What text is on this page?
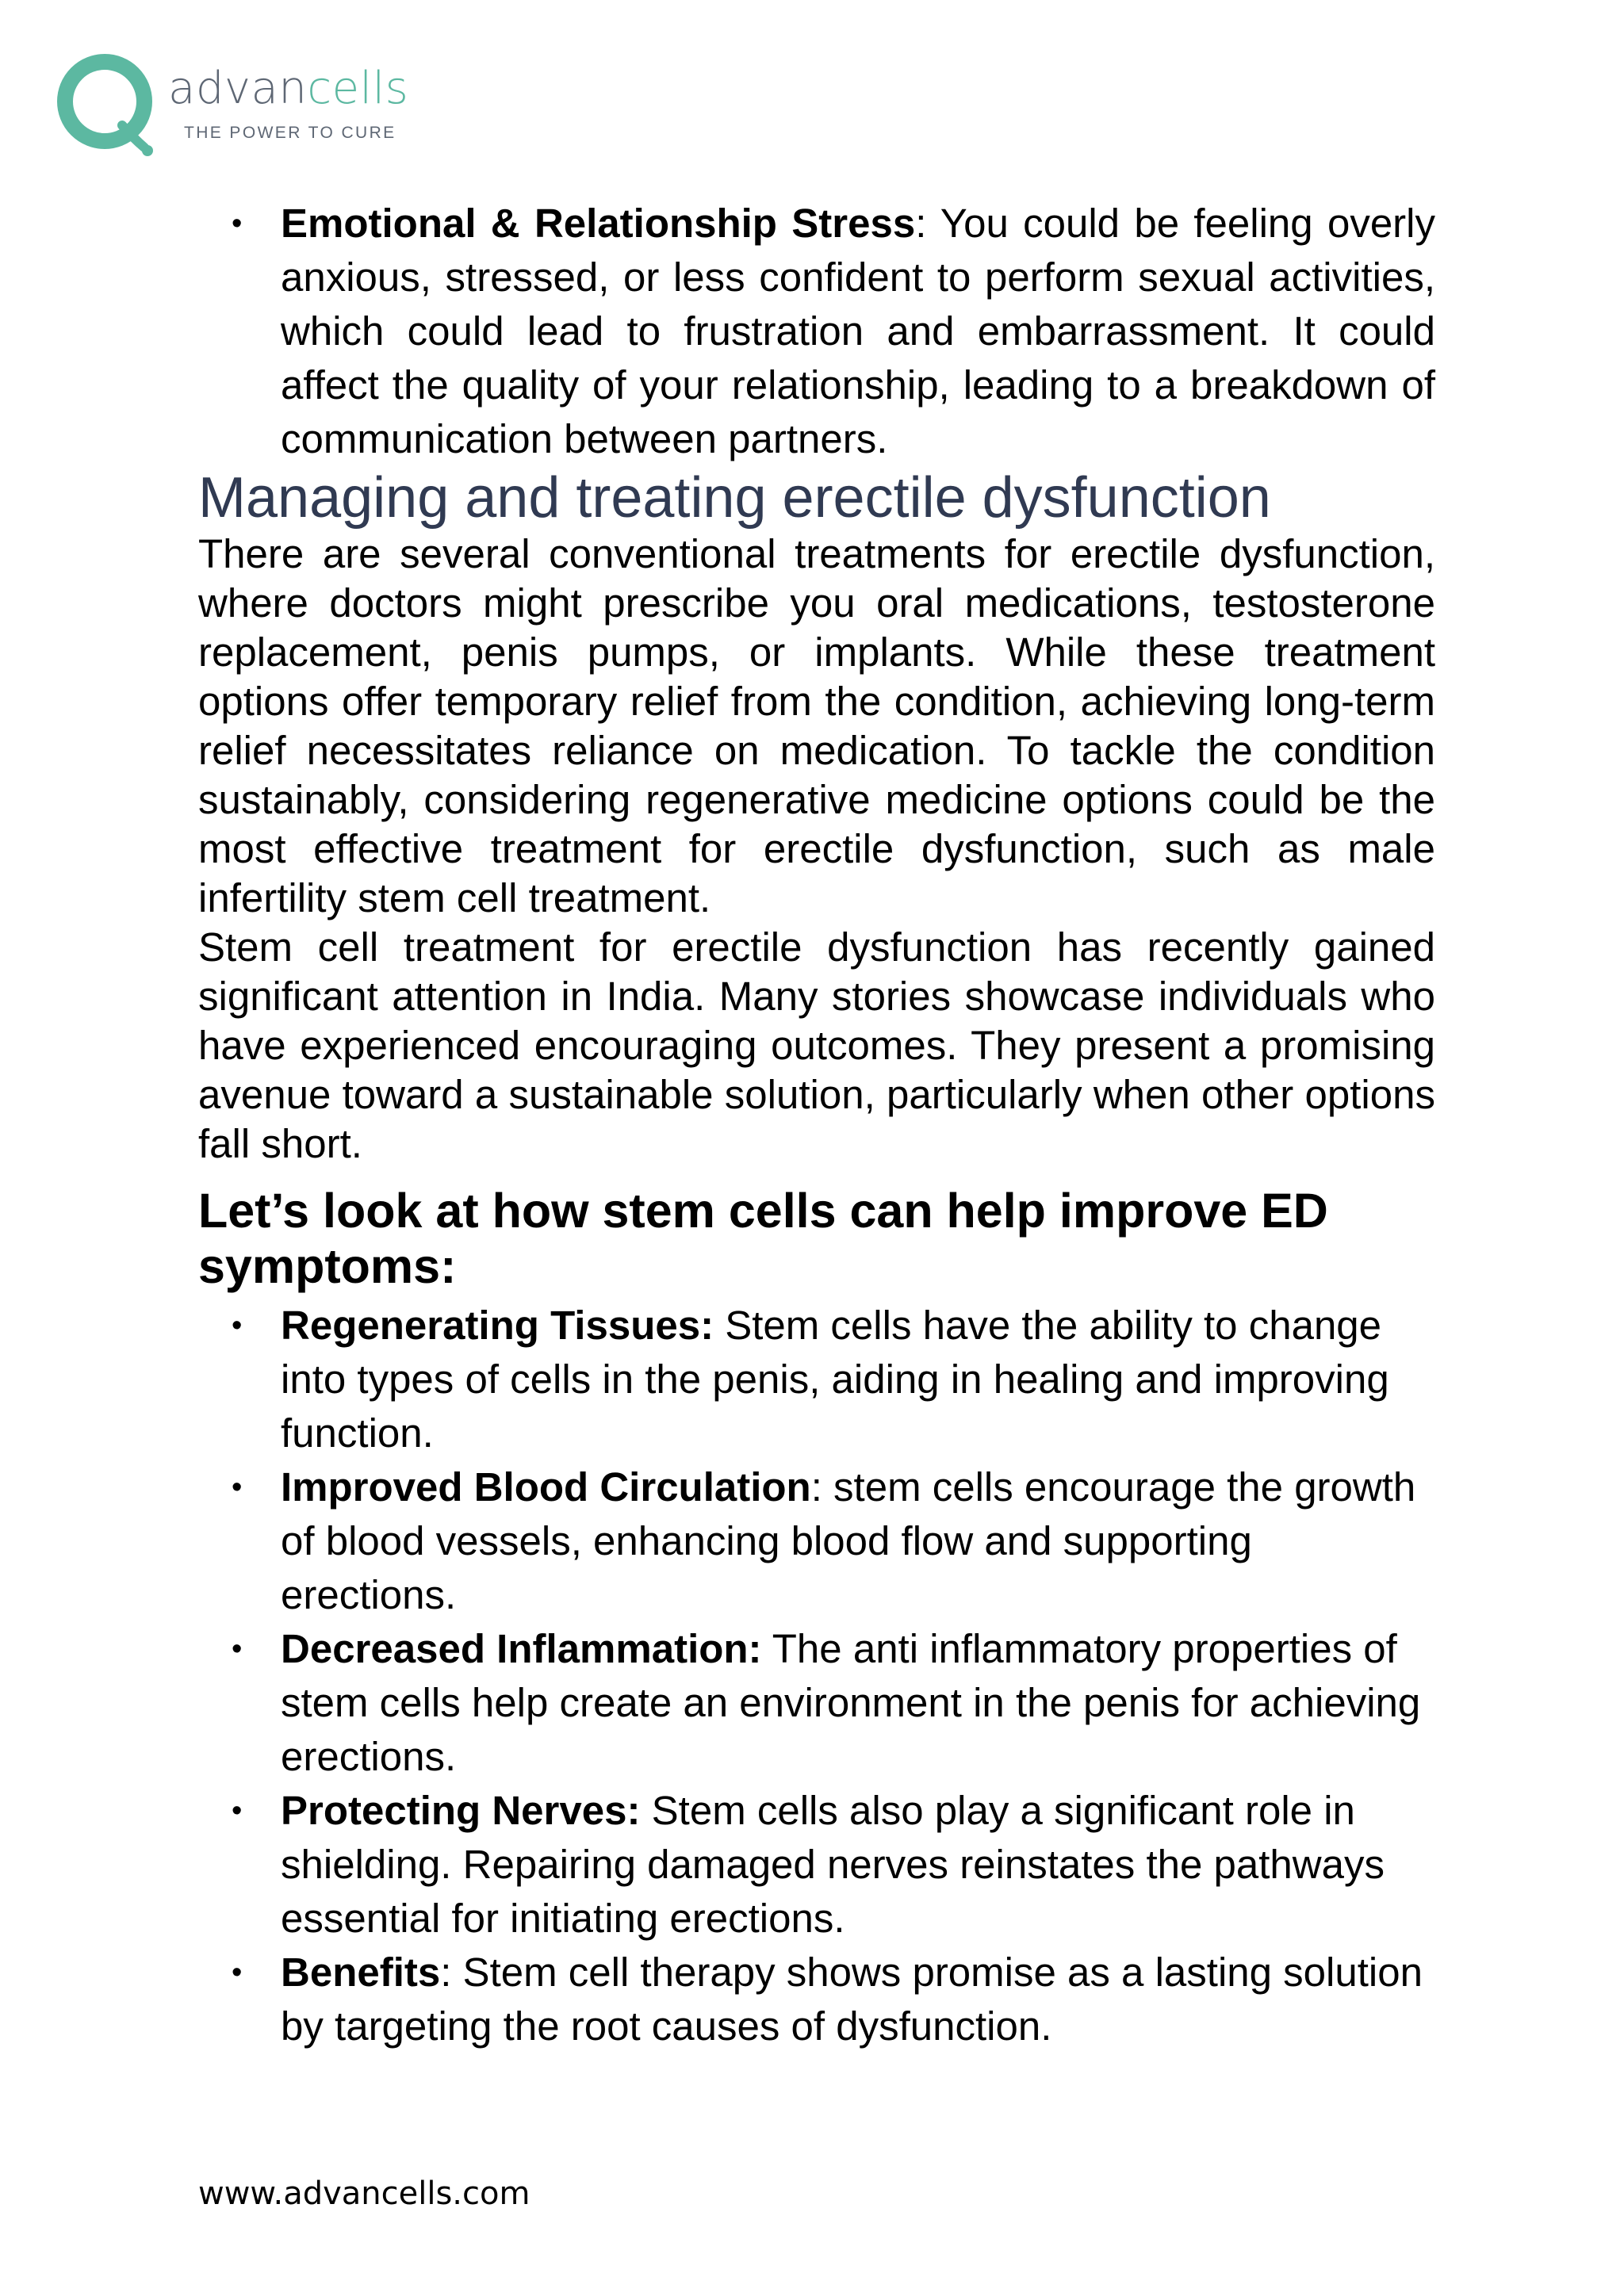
advancells
THE POWER TO CURE
• Emotional & Relationship Stress: You could be feeling overly anxious, stressed, or less confident to perform sexual activities, which could lead to frustration and embarrassment. It could affect the quality of your relationship, leading to a breakdown of communication between partners.
Managing and treating erectile dysfunction

There are several conventional treatments for erectile dysfunction, where doctors might prescribe you oral medications, testosterone replacement, penis pumps, or implants. While these treatment options offer temporary relief from the condition, achieving long-term relief necessitates reliance on medication. To tackle the condition sustainably, considering regenerative medicine options could be the most effective treatment for erectile dysfunction, such as male infertility stem cell treatment.

Stem cell treatment for erectile dysfunction has recently gained significant attention in India. Many stories showcase individuals who have experienced encouraging outcomes. They present a promising avenue toward a sustainable solution, particularly when other options fall short.

Let’s look at how stem cells can help improve ED symptoms:
• Regenerating Tissues: Stem cells have the ability to change into types of cells in the penis, aiding in healing and improving function.
• Improved Blood Circulation: stem cells encourage the growth of blood vessels, enhancing blood flow and supporting erections.
• Decreased Inflammation: The anti inflammatory properties of stem cells help create an environment in the penis for achieving erections.
• Protecting Nerves: Stem cells also play a significant role in shielding. Repairing damaged nerves reinstates the pathways essential for initiating erections.
• Benefits: Stem cell therapy shows promise as a lasting solution by targeting the root causes of dysfunction.
www.advancells.com
